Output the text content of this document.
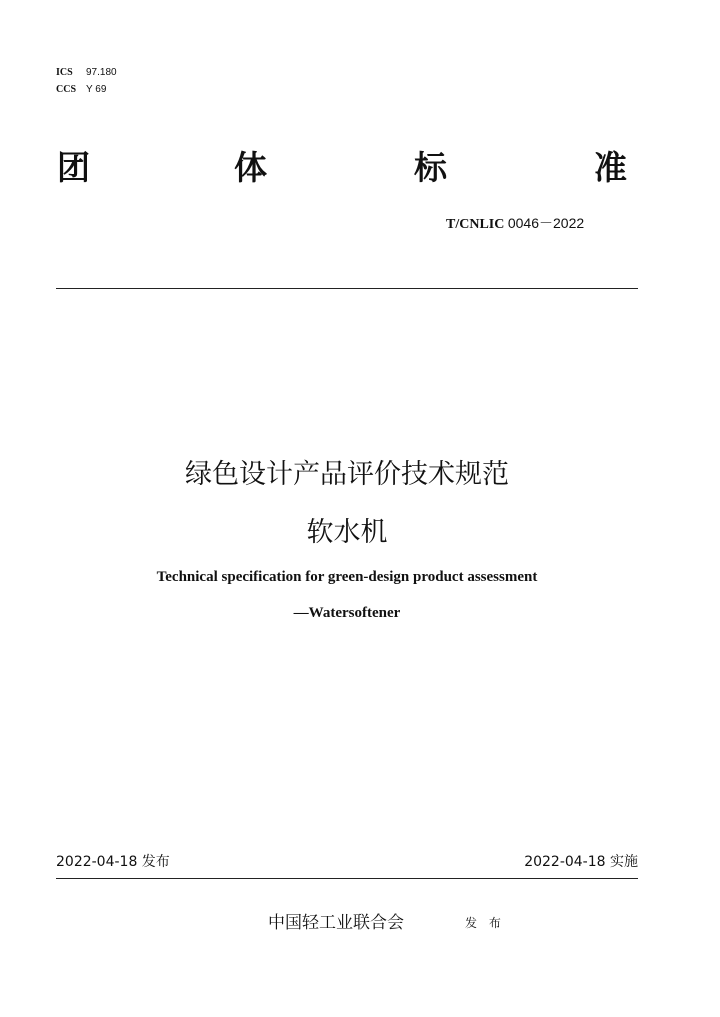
ICS 97.180
CCS Y 69
团	体	标	准
T/CNLIC 0046－2022
绿色设计产品评价技术规范
软水机
Technical specification for green-design product assessment
—Watersoftener
2022-04-18 发布	2022-04-18 实施
中国轻工业联合会	发 布
